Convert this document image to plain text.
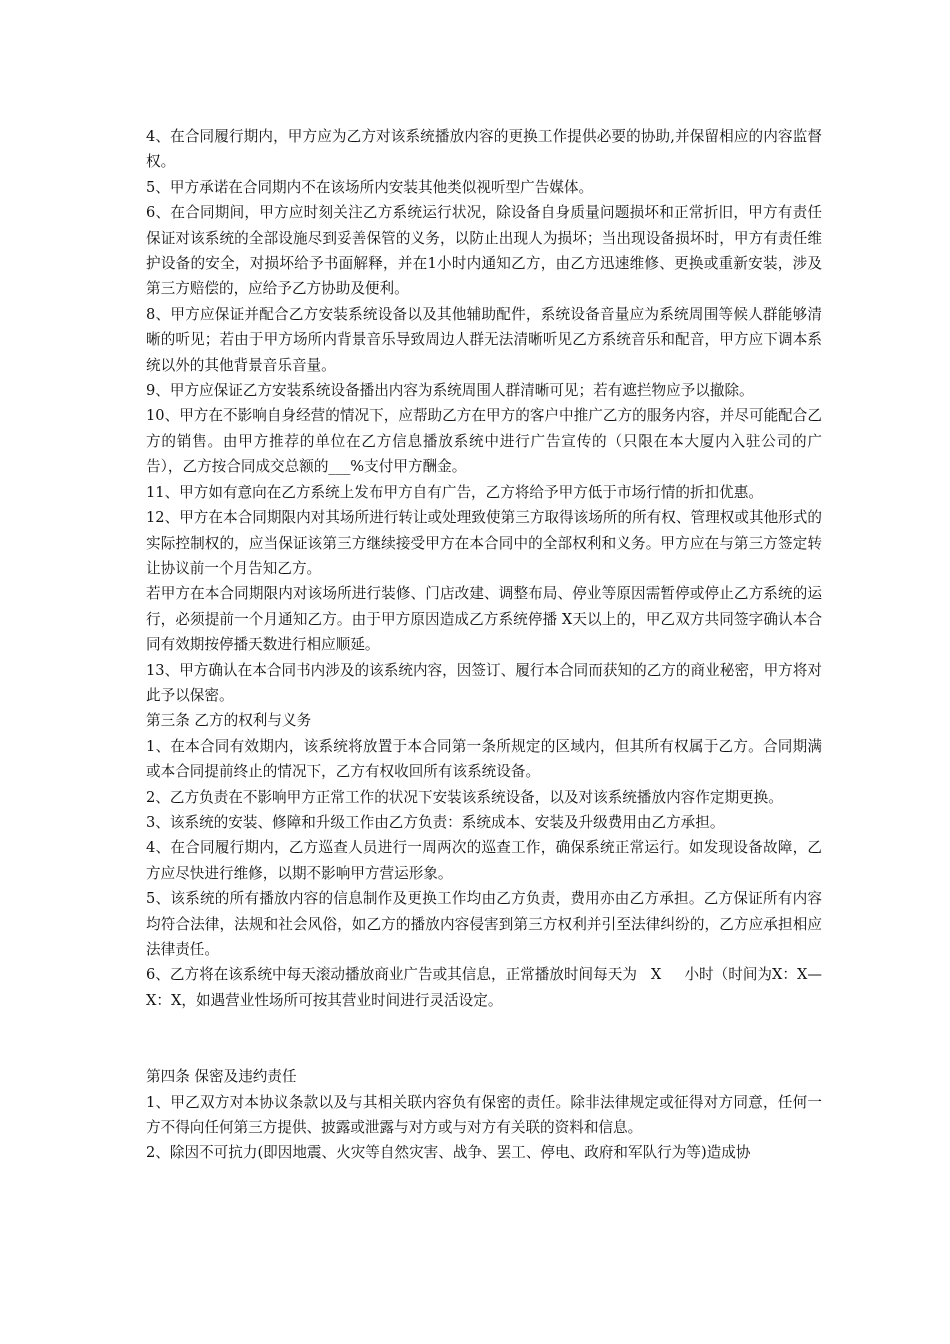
4、在合同履行期内，甲方应为乙方对该系统播放内容的更换工作提供必要的协助,并保留相应的内容监督权。

5、甲方承诺在合同期内不在该场所内安装其他类似视听型广告媒体。

6、在合同期间，甲方应时刻关注乙方系统运行状况，除设备自身质量问题损坏和正常折旧，甲方有责任保证对该系统的全部设施尽到妥善保管的义务，以防止出现人为损坏；当出现设备损坏时，甲方有责任维护设备的安全，对损坏给予书面解释，并在1小时内通知乙方，由乙方迅速维修、更换或重新安装，涉及第三方赔偿的，应给予乙方协助及便利。

8、甲方应保证并配合乙方安装系统设备以及其他辅助配件，系统设备音量应为系统周围等候人群能够清晰的听见；若由于甲方场所内背景音乐导致周边人群无法清晰听见乙方系统音乐和配音，甲方应下调本系统以外的其他背景音乐音量。

9、甲方应保证乙方安装系统设备播出内容为系统周围人群清晰可见；若有遮拦物应予以撤除。

10、甲方在不影响自身经营的情况下，应帮助乙方在甲方的客户中推广乙方的服务内容，并尽可能配合乙方的销售。由甲方推荐的单位在乙方信息播放系统中进行广告宣传的（只限在本大厦内入驻公司的广告），乙方按合同成交总额的___%支付甲方酬金。

11、甲方如有意向在乙方系统上发布甲方自有广告，乙方将给予甲方低于市场行情的折扣优惠。

12、甲方在本合同期限内对其场所进行转让或处理致使第三方取得该场所的所有权、管理权或其他形式的实际控制权的，应当保证该第三方继续接受甲方在本合同中的全部权利和义务。甲方应在与第三方签定转让协议前一个月告知乙方。

若甲方在本合同期限内对该场所进行装修、门店改建、调整布局、停业等原因需暂停或停止乙方系统的运行，必须提前一个月通知乙方。由于甲方原因造成乙方系统停播 X天以上的，甲乙双方共同签字确认本合同有效期按停播天数进行相应顺延。

13、甲方确认在本合同书内涉及的该系统内容，因签订、履行本合同而获知的乙方的商业秘密，甲方将对此予以保密。

第三条 乙方的权利与义务

1、在本合同有效期内，该系统将放置于本合同第一条所规定的区域内，但其所有权属于乙方。合同期满或本合同提前终止的情况下，乙方有权收回所有该系统设备。

2、乙方负责在不影响甲方正常工作的状况下安装该系统设备，以及对该系统播放内容作定期更换。

3、该系统的安装、修障和升级工作由乙方负责：系统成本、安装及升级费用由乙方承担。

4、在合同履行期内，乙方巡查人员进行一周两次的巡查工作，确保系统正常运行。如发现设备故障，乙方应尽快进行维修，以期不影响甲方营运形象。

5、该系统的所有播放内容的信息制作及更换工作均由乙方负责，费用亦由乙方承担。乙方保证所有内容均符合法律，法规和社会风俗，如乙方的播放内容侵害到第三方权利并引至法律纠纷的，乙方应承担相应法律责任。

6、乙方将在该系统中每天滚动播放商业广告或其信息，正常播放时间每天为   X     小时（时间为X：X—X：X，如遇营业性场所可按其营业时间进行灵活设定。

第四条 保密及违约责任

1、甲乙双方对本协议条款以及与其相关联内容负有保密的责任。除非法律规定或征得对方同意，任何一方不得向任何第三方提供、披露或泄露与对方或与对方有关联的资料和信息。

2、除因不可抗力(即因地震、火灾等自然灾害、战争、罢工、停电、政府和军队行为等)造成协
